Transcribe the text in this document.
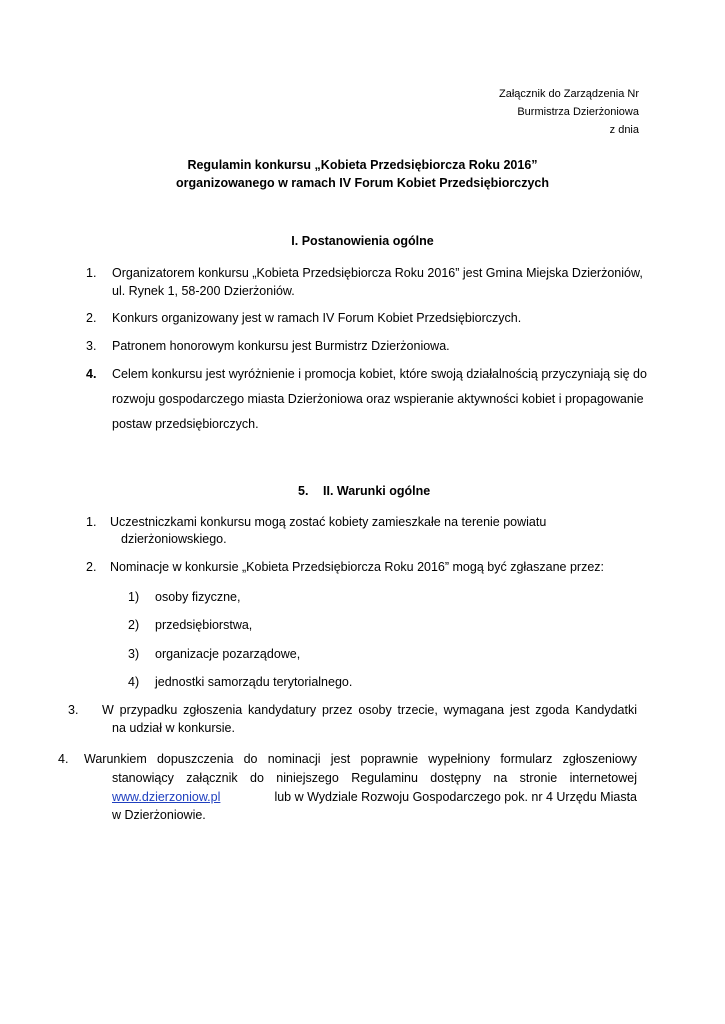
Załącznik do Zarządzenia Nr
Burmistrza Dzierżoniowa
z dnia
Regulamin konkursu „Kobieta Przedsiębiorcza Roku 2016”
organizowanego w ramach IV Forum Kobiet Przedsiębiorczych
I. Postanowienia ogólne
1. Organizatorem konkursu „Kobieta Przedsiębiorcza Roku 2016” jest Gmina Miejska Dzierżoniów,
ul. Rynek 1, 58-200 Dzierżoniów.
2. Konkurs organizowany jest w ramach IV Forum Kobiet Przedsiębiorczych.
3. Patronem honorowym konkursu jest Burmistrz Dzierżoniowa.
4. Celem konkursu jest wyróżnienie i promocja kobiet, które swoją działalnością przyczyniają się do
rozwoju gospodarczego miasta Dzierżoniowa oraz wspieranie aktywności kobiet i propagowanie
postaw przedsiębiorczych.
5. II. Warunki ogólne
1. Uczestniczkami konkursu mogą zostać kobiety zamieszkałe na terenie powiatu
dzierżoniowskiego.
2. Nominacje w konkursie „Kobieta Przedsiębiorcza Roku 2016” mogą być zgłaszane przez:
1) osoby fizyczne,
2) przedsiębiorstwa,
3) organizacje pozarządowe,
4) jednostki samorządu terytorialnego.
3. W przypadku zgłoszenia kandydatury przez osoby trzecie, wymagana jest zgoda Kandydatki
na udział w konkursie.
4. Warunkiem dopuszczenia do nominacji jest poprawnie wypełniony formularz zgłoszeniowy
stanowiący załącznik do niniejszego Regulaminu dostępny na stronie internetowej
www.dzierzoniow.pl	lub w Wydziale Rozwoju Gospodarczego pok. nr 4 Urzędu Miasta
w Dzierżoniowie.
